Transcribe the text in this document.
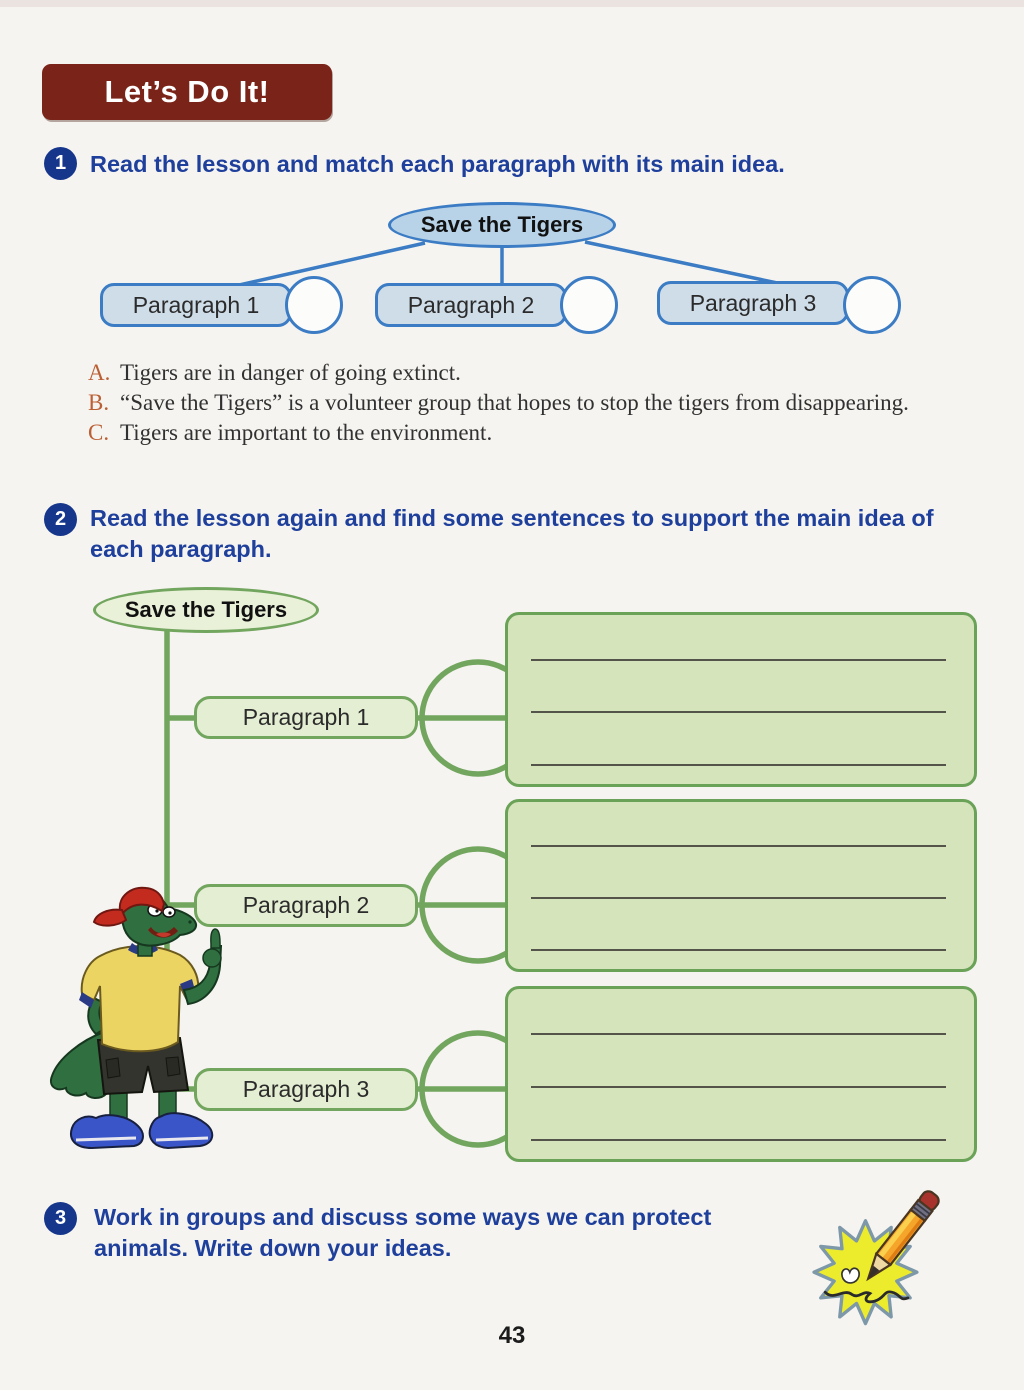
Let’s Do It!
1	Read the lesson and match each paragraph with its main idea.
Save the Tigers
Paragraph 1	Paragraph 2	Paragraph 3
A. Tigers are in danger of going extinct.
B. “Save the Tigers” is a volunteer group that hopes to stop the tigers from disappearing.
C. Tigers are important to the environment.
2	Read the lesson again and find some sentences to support the main idea of each paragraph.
Save the Tigers
Paragraph 1
Paragraph 2
Paragraph 3
3	Work in groups and discuss some ways we can protect animals. Write down your ideas.
43
